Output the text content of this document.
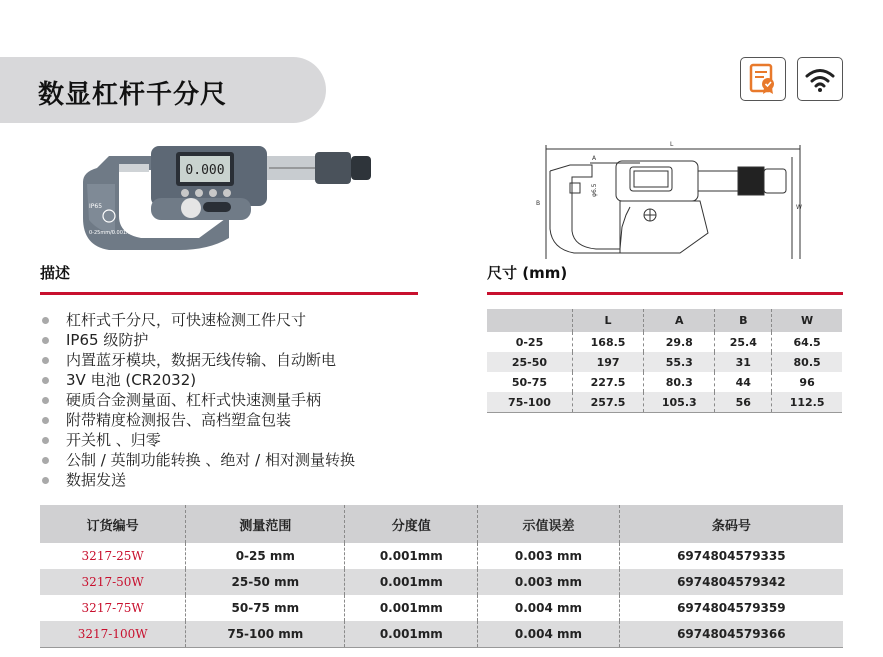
数显杠杆千分尺
0.000
IP65
0-25mm/0.001mm
L
A
B
W
φ6.5
描述
杠杆式千分尺，可快速检测工件尺寸
IP65 级防护
内置蓝牙模块，数据无线传输、自动断电
3V 电池 (CR2032)
硬质合金测量面、杠杆式快速测量手柄
附带精度检测报告、高档塑盒包装
开关机 、归零
公制 / 英制功能转换 、绝对 / 相对测量转换
数据发送
尺寸 (mm)
	L	A	B	W
0-25	168.5	29.8	25.4	64.5
25-50	197	55.3	31	80.5
50-75	227.5	80.3	44	96
75-100	257.5	105.3	56	112.5
订货编号	测量范围	分度值	示值误差	条码号
3217-25W	0-25 mm	0.001mm	0.003 mm	6974804579335
3217-50W	25-50 mm	0.001mm	0.003 mm	6974804579342
3217-75W	50-75 mm	0.001mm	0.004 mm	6974804579359
3217-100W	75-100 mm	0.001mm	0.004 mm	6974804579366
